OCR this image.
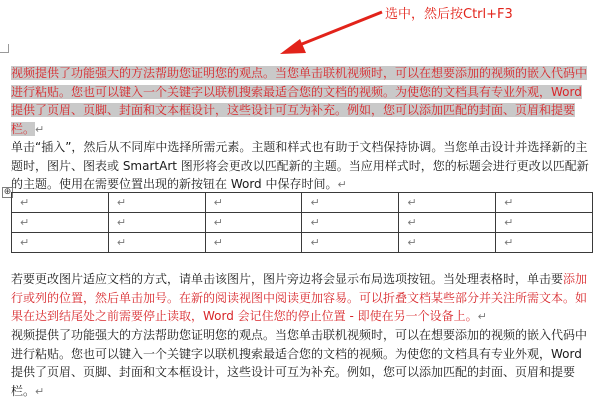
选中，然后按Ctrl+F3

视频提供了功能强大的方法帮助您证明您的观点。当您单击联机视频时，可以在想要添加的视频的嵌入代码中进行粘贴。您也可以键入一个关键字以联机搜索最适合您的文档的视频。为使您的文档具有专业外观，Word 提供了页眉、页脚、封面和文本框设计，这些设计可互为补充。例如，您可以添加匹配的封面、页眉和提要栏。↵

单击“插入”，然后从不同库中选择所需元素。主题和样式也有助于文档保持协调。当您单击设计并选择新的主题时，图片、图表或 SmartArt 图形将会更改以匹配新的主题。当应用样式时，您的标题会进行更改以匹配新的主题。使用在需要位置出现的新按钮在 Word 中保存时间。↵

⊕
↵	↵	↵	↵	↵	↵
↵	↵	↵	↵	↵	↵
↵	↵	↵	↵	↵	↵

若要更改图片适应文档的方式，请单击该图片，图片旁边将会显示布局选项按钮。当处理表格时，单击要添加行或列的位置，然后单击加号。在新的阅读视图中阅读更加容易。可以折叠文档某些部分并关注所需文本。如果在达到结尾处之前需要停止读取，Word 会记住您的停止位置 - 即使在另一个设备上。↵

视频提供了功能强大的方法帮助您证明您的观点。当您单击联机视频时，可以在想要添加的视频的嵌入代码中进行粘贴。您也可以键入一个关键字以联机搜索最适合您的文档的视频。为使您的文档具有专业外观，Word 提供了页眉、页脚、封面和文本框设计，这些设计可互为补充。例如，您可以添加匹配的封面、页眉和提要栏。↵
